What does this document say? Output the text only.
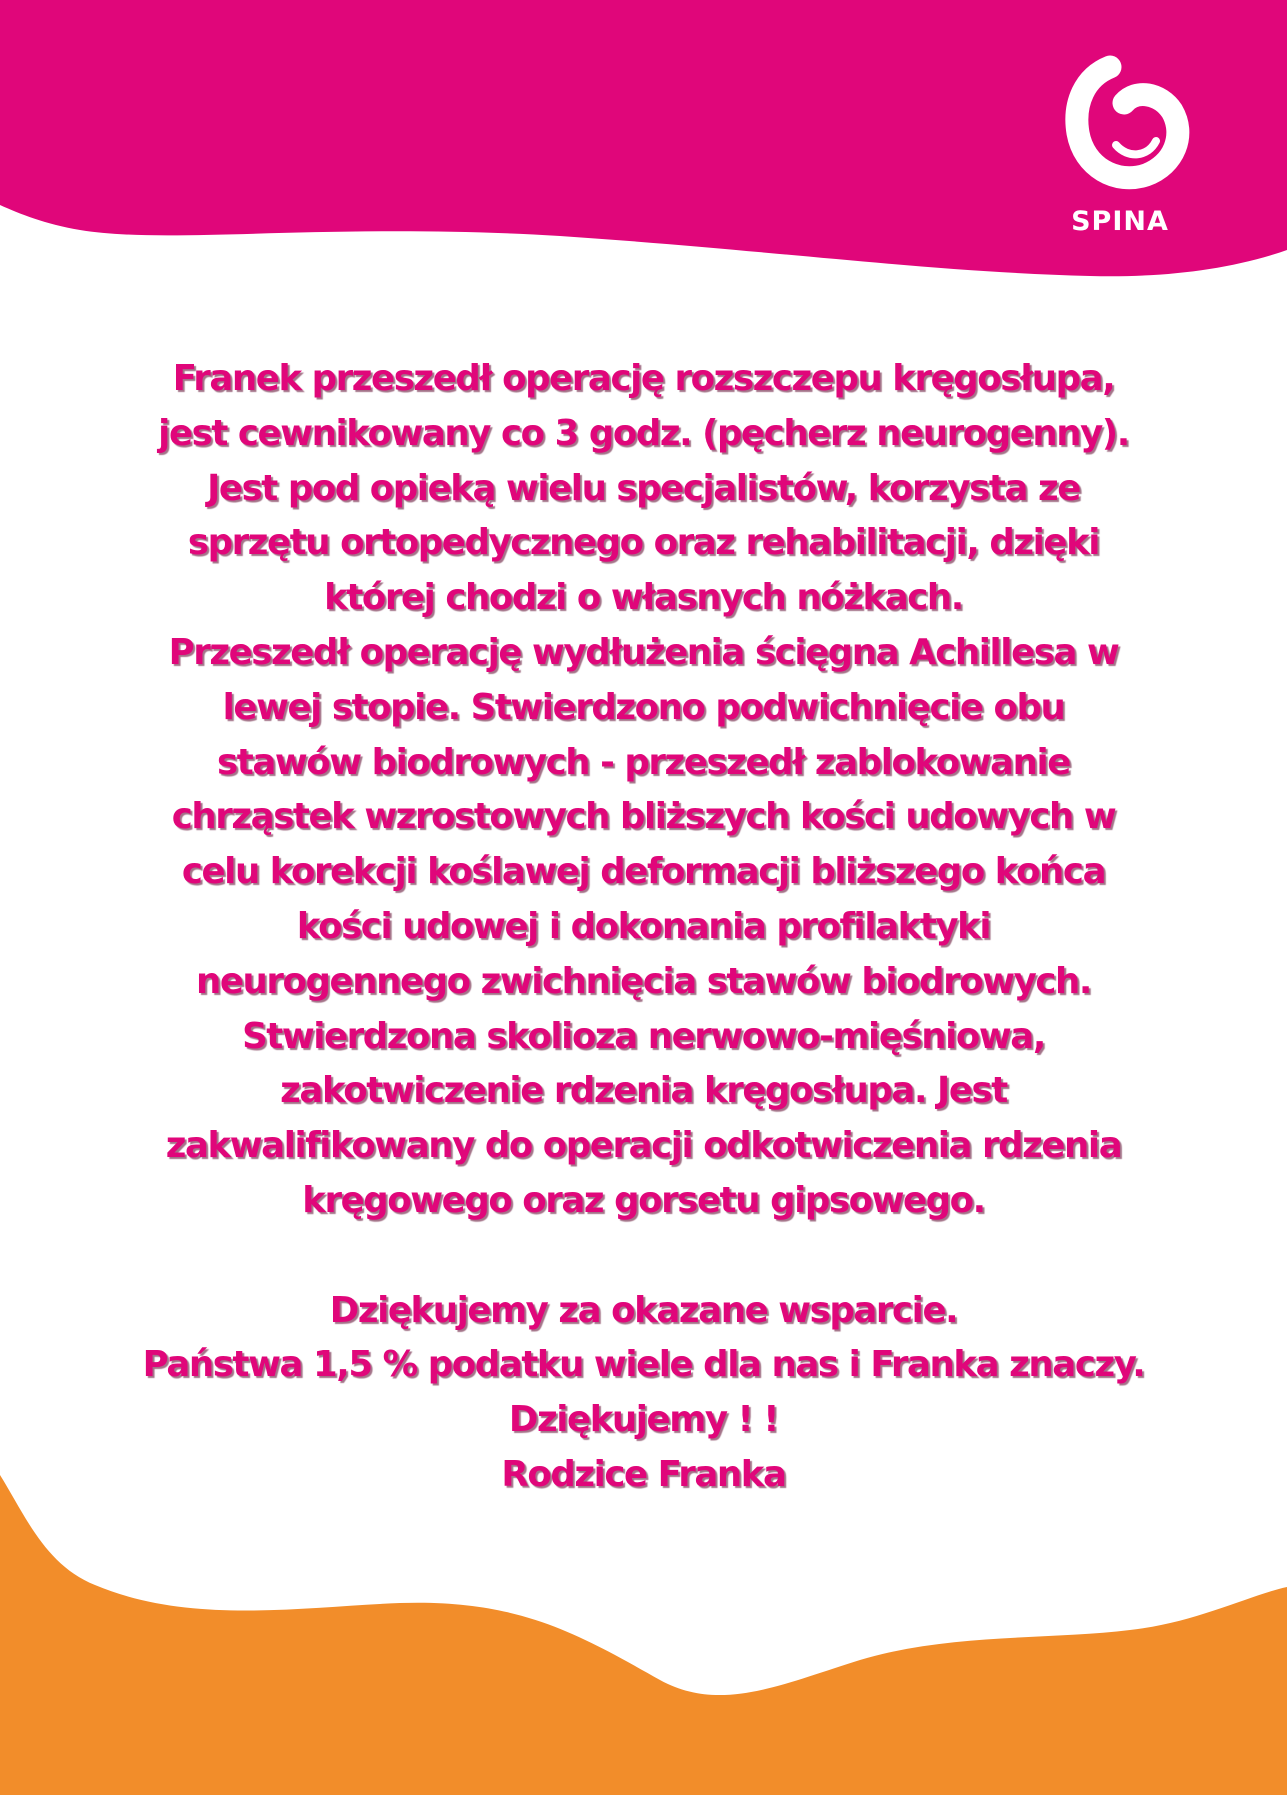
SPINA

Franek przeszedł operację rozszczepu kręgosłupa,

jest cewnikowany co 3 godz. (pęcherz neurogenny).

Jest pod opieką wielu specjalistów, korzysta ze

sprzętu ortopedycznego oraz rehabilitacji, dzięki

której chodzi o własnych nóżkach.

Przeszedł operację wydłużenia ścięgna Achillesa w

lewej stopie. Stwierdzono podwichnięcie obu

stawów biodrowych - przeszedł zablokowanie

chrząstek wzrostowych bliższych kości udowych w

celu korekcji koślawej deformacji bliższego końca

kości udowej i dokonania profilaktyki

neurogennego zwichnięcia stawów biodrowych.

Stwierdzona skolioza nerwowo-mięśniowa,

zakotwiczenie rdzenia kręgosłupa. Jest

zakwalifikowany do operacji odkotwiczenia rdzenia

kręgowego oraz gorsetu gipsowego.

Dziękujemy za okazane wsparcie.

Państwa 1,5 % podatku wiele dla nas i Franka znaczy.

Dziękujemy ! !

Rodzice Franka
